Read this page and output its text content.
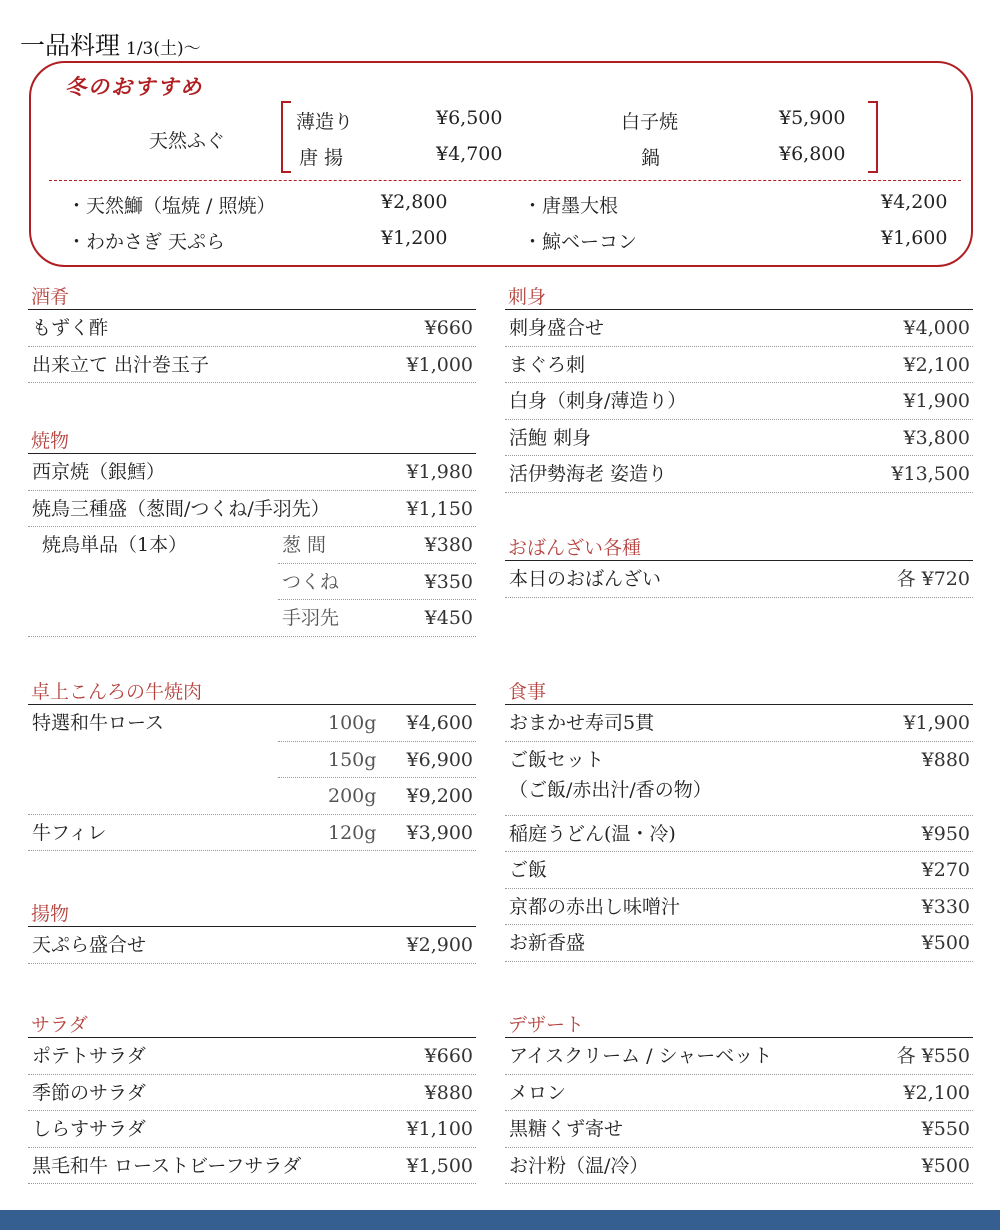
一品料理 1/3(土)～
冬のおすすめ
天然ふぐ
薄造り	¥6,500
唐 揚	¥4,700
白子焼	¥5,900
鍋	¥6,800
・天然鰤（塩焼 / 照焼）	¥2,800
・わかさぎ 天ぷら	¥1,200
・唐墨大根	¥4,200
・鯨ベーコン	¥1,600
酒肴
もずく酢	¥660
出来立て 出汁巻玉子	¥1,000
焼物
西京焼（銀鱈）	¥1,980
焼鳥三種盛（葱間/つくね/手羽先）	¥1,150
焼鳥単品（1本）	葱 間	¥380
つくね	¥350
手羽先	¥450
卓上こんろの牛焼肉
特選和牛ロース	100g ¥4,600
150g ¥6,900
200g ¥9,200
牛フィレ	120g ¥3,900
揚物
天ぷら盛合せ	¥2,900
サラダ
ポテトサラダ	¥660
季節のサラダ	¥880
しらすサラダ	¥1,100
黒毛和牛 ローストビーフサラダ	¥1,500
刺身
刺身盛合せ	¥4,000
まぐろ刺	¥2,100
白身（刺身/薄造り）	¥1,900
活鮑 刺身	¥3,800
活伊勢海老 姿造り	¥13,500
おばんざい各種
本日のおばんざい	各 ¥720
食事
おまかせ寿司5貫	¥1,900
ご飯セット
（ご飯/赤出汁/香の物）
¥880
稲庭うどん(温・冷)	¥950
ご飯	¥270
京都の赤出し味噌汁	¥330
お新香盛	¥500
デザート
アイスクリーム / シャーベット	各 ¥550
メロン	¥2,100
黒糖くず寄せ	¥550
お汁粉（温/冷）	¥500
